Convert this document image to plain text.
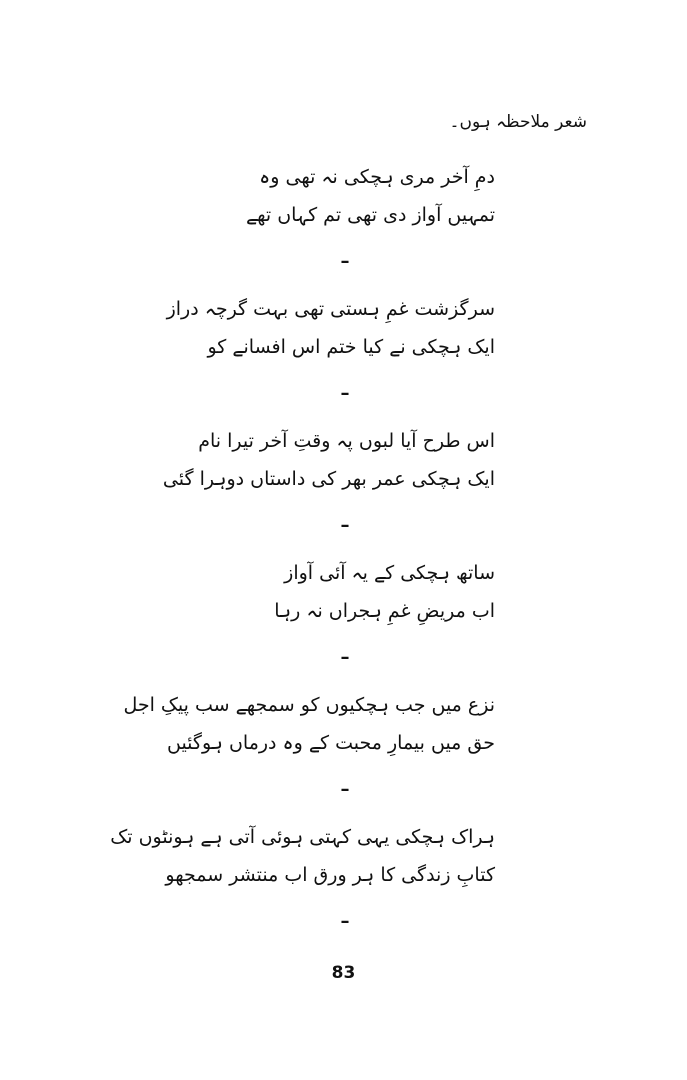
شعر ملاحظہ ہوں۔
دمِ آخر مری ہچکی نہ تھی وہ
تمہیں آواز دی تھی تم کہاں تھے
–
سرگزشت غمِ ہستی تھی بہت گرچہ دراز
ایک ہچکی نے کیا ختم اس افسانے کو
–
اس طرح آیا لبوں پہ وقتِ آخر تیرا نام
ایک ہچکی عمر بھر کی داستاں دوہرا گئی
–
ساتھ ہچکی کے یہ آئی آواز
اب مریضِ غمِ ہجراں نہ رہا
–
نزع میں جب ہچکیوں کو سمجھے سب پیکِ اجل
حق میں بیمارِ محبت کے وہ درماں ہوگئیں
–
ہراک ہچکی یہی کہتی ہوئی آتی ہے ہونٹوں تک
کتابِ زندگی کا ہر ورق اب منتشر سمجھو
–
83
